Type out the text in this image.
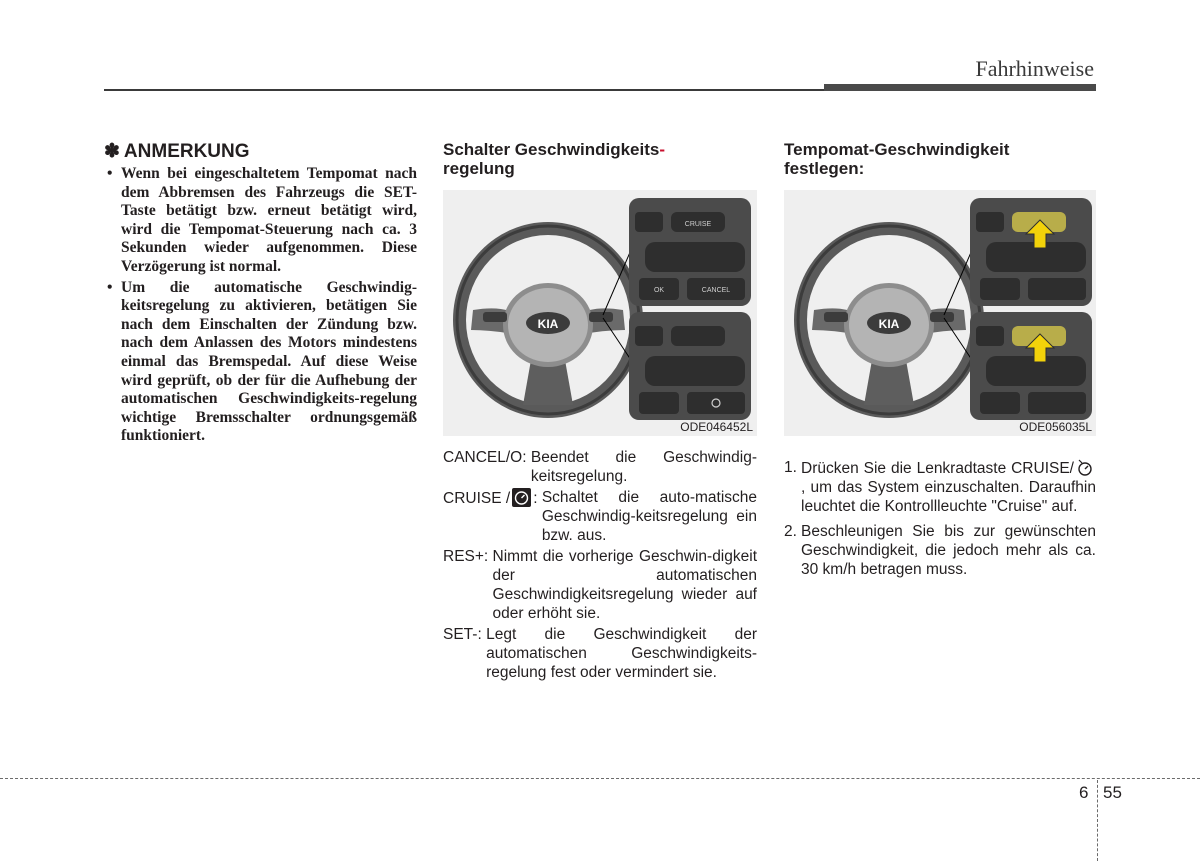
Fahrhinweise
✽ ANMERKUNG
• Wenn bei eingeschaltetem Tempomat nach dem Abbremsen des Fahrzeugs die SET-Taste betätigt bzw. erneut betätigt wird, wird die Tempomat-Steuerung nach ca. 3 Sekunden wieder aufgenommen. Diese Verzögerung ist normal.
• Um die automatische Geschwindig-keitsregelung zu aktivieren, betätigen Sie nach dem Einschalten der Zündung bzw. nach dem Anlassen des Motors mindestens einmal das Bremspedal. Auf diese Weise wird geprüft, ob der für die Aufhebung der automatischen Geschwindigkeits-regelung wichtige Bremsschalter ordnungsgemäß funktioniert.
Schalter Geschwindigkeits-
regelung
KIA
CRUISE
OK	CANCEL
ODE046452L
CANCEL/O:
Beendet die Geschwindig-keitsregelung.
CRUISE / : Schaltet die auto-matische Geschwindig-keitsregelung ein bzw. aus.
RES+:
Nimmt die vorherige Geschwin-digkeit der automatischen Geschwindigkeitsregelung wieder auf oder erhöht sie.
SET-:
Legt die Geschwindigkeit der automatischen Geschwindigkeits-regelung fest oder vermindert sie.
Tempomat-Geschwindigkeit
festlegen:
KIA
ODE056035L
1. Drücken Sie die Lenkradtaste CRUISE/, um das System einzuschalten. Daraufhin leuchtet die Kontrollleuchte "Cruise" auf.
2. Beschleunigen Sie bis zur gewünschten Geschwindigkeit, die jedoch mehr als ca. 30 km/h betragen muss.
6 55
